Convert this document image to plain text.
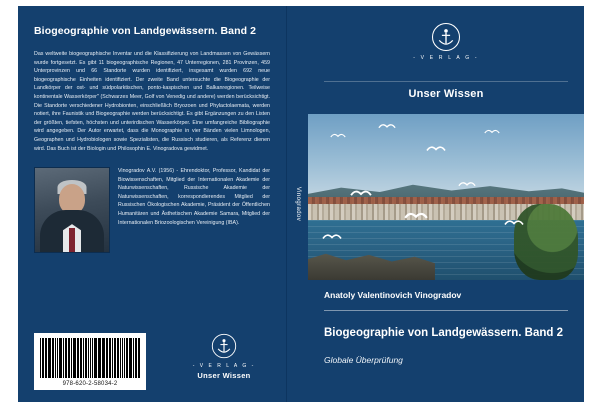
Biogeographie von Landgewässern. Band 2
Das weltweite biogeographische Inventar und die Klassifizierung von Landmassen von Gewässern wurde fortgesetzt. Es gibt 11 biogeographische Regionen, 47 Unterregionen, 281 Provinzen, 459 Unterprovinzen und 66 Standorte wurden identifiziert, insgesamt wurden 692 neue biogeographische Einheiten identifiziert. Der zweite Band untersuchte die Biogeographie der Landkörper der ost- und südpolarktischen, ponto-kaspischen und Balkanregionen. Teilweise kontinentale Wasserkörper" (Schwarzes Meer, Golf von Venedig und andere) werden berücksichtigt. Die Standorte verschiedener Hydrobionten, einschließlich Bryozoen und Phylactolaemata, werden notiert, ihre Faunistik und Biogeographie werden berücksichtigt. Es gibt Ergänzungen zu den Listen der größten, tiefsten, höchsten und unterirdischen Wasserkörper. Eine umfangreiche Bibliographie wird angegeben. Der Autor erwartet, dass die Monographie in vier Bänden vielen Limnologen, Geographen und Hydrobiologen sowie Spezialisten, die Russisch studieren, als Referenz dienen wird. Das Buch ist der Biologin und Philosophin E. Vinogradova gewidmet.
Vinogradov A.V. (1956) - Ehrendoktor, Professor, Kandidat der Biowissenschaften, Mitglied der Internationalen Akademie der Naturwissenschaften, Russische Akademie der Naturwissenschaften, korrespondierendes Mitglied der Russischen Ökologischen Akademie, Präsident der Öffentlichen Humanitären und Ästhetischen Akademie Samara, Mitglied der Internationalen Briozoologischen Vereinigung (IBA).
978-620-2-58034-2
- V E R L A G -
Unser Wissen
Vinogradov
- V E R L A G -
Unser Wissen
Anatoly Valentinovich Vinogradov
Biogeographie von Landgewässern. Band 2
Globale Überprüfung
